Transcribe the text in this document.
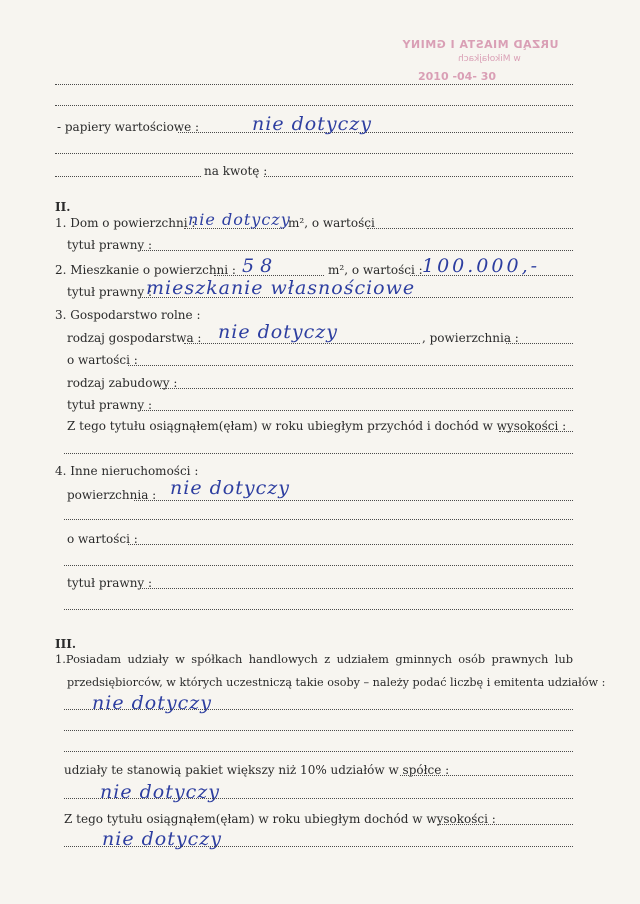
URZĄD MIASTA I GMINY
w Mikołajkach
2010 -04- 30
- papiery wartościowe :	nie dotyczy
na kwotę :
II.
1. Dom o powierzchni :
nie dotyczy
m², o wartości
tytuł prawny :
2. Mieszkanie o powierzchni : 58	m², o wartości : 100.000,-
tytuł prawny :
mieszkanie własnościowe
3. Gospodarstwo rolne :
rodzaj gospodarstwa : nie dotyczy	, powierzchnia :
o wartości :
rodzaj zabudowy :
tytuł prawny :
Z tego tytułu osiągnąłem(ęłam) w roku ubiegłym przychód i dochód w wysokości :
4. Inne nieruchomości :
powierzchnia : nie dotyczy
o wartości :
tytuł prawny :
III.
1.Posiadam udziały w spółkach handlowych z udziałem gminnych osób prawnych lub
przedsiębiorców, w których uczestniczą takie osoby – należy podać liczbę i emitenta udziałów :
nie dotyczy
udziały te stanowią pakiet większy niż 10% udziałów w spółce :
nie dotyczy
Z tego tytułu osiągnąłem(ęłam) w roku ubiegłym dochód w wysokości :
nie dotyczy
